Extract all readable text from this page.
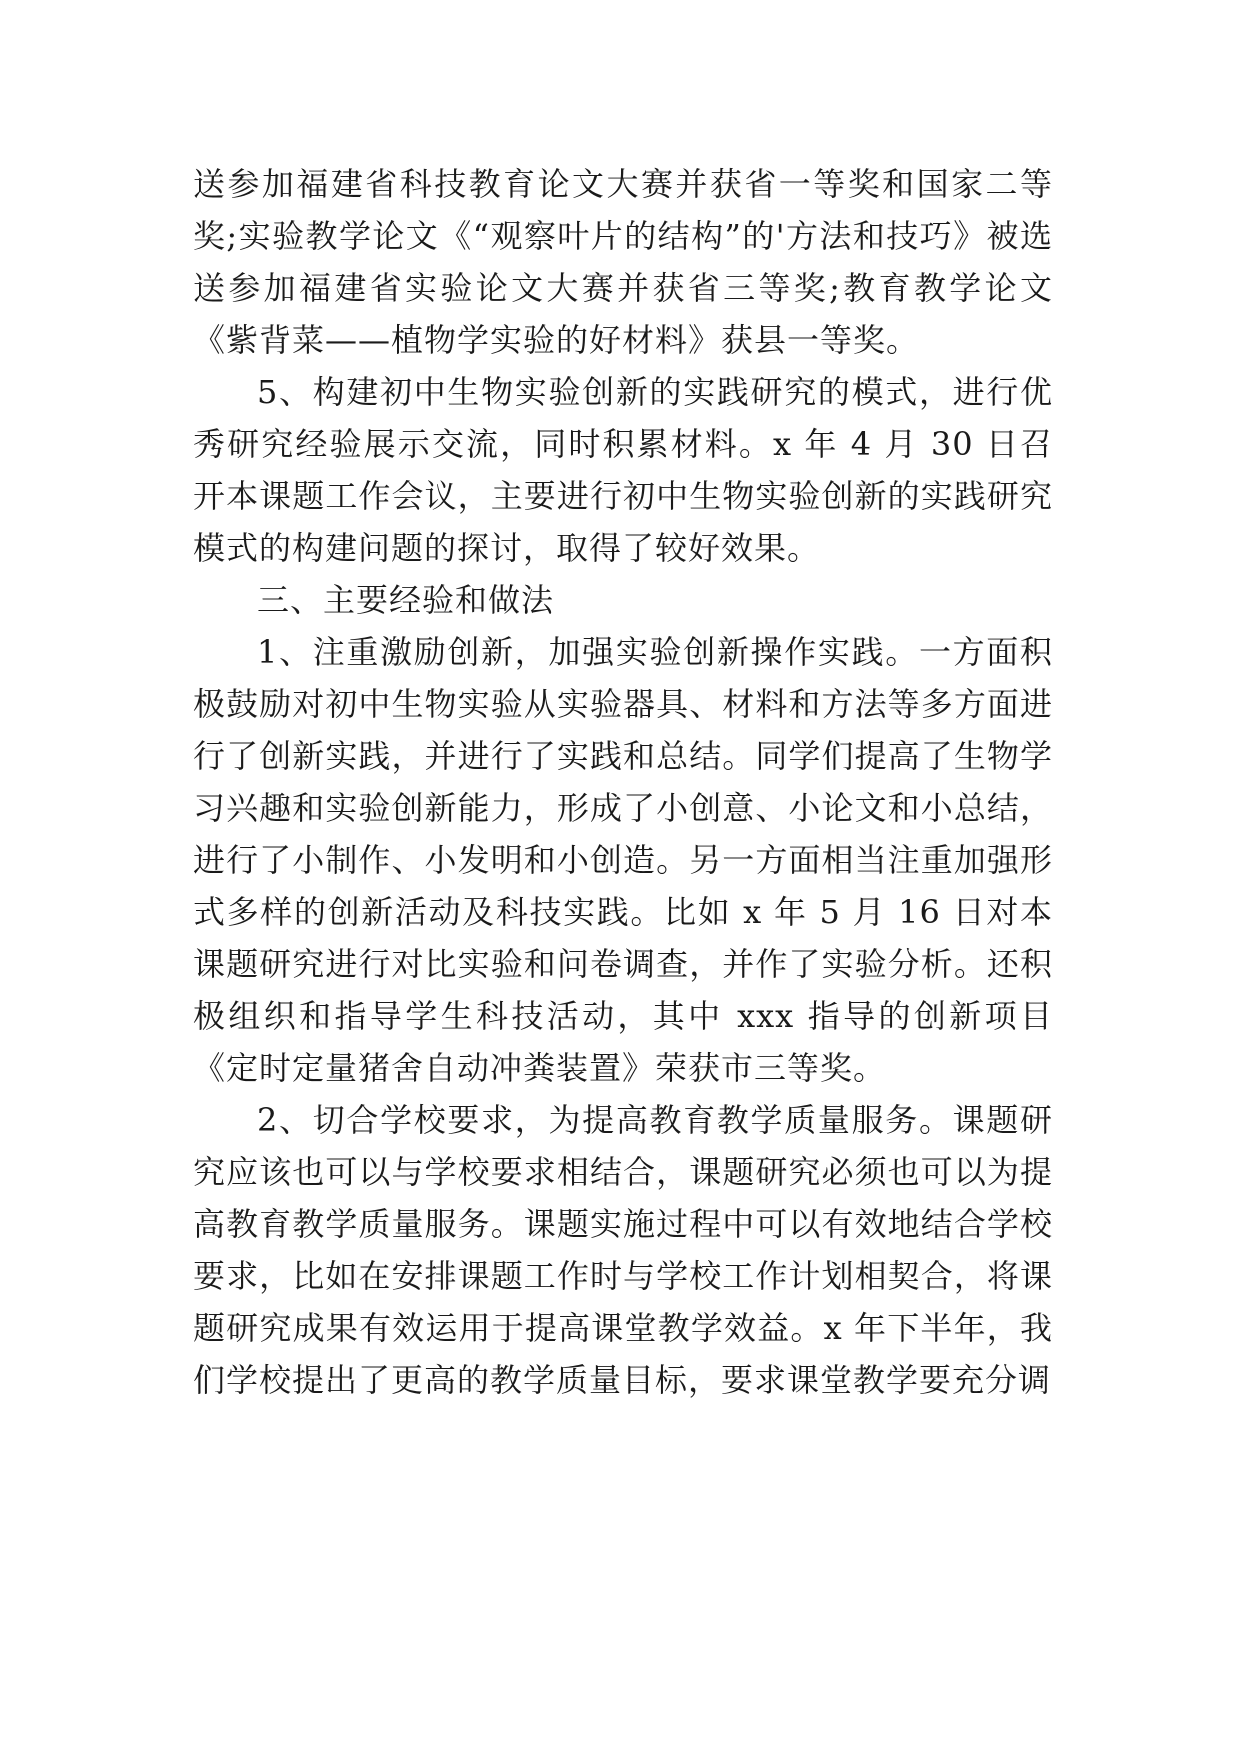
送参加福建省科技教育论文大赛并获省一等奖和国家二等奖;实验教学论文《“观察叶片的结构”的'方法和技巧》被选送参加福建省实验论文大赛并获省三等奖;教育教学论文《紫背菜——植物学实验的好材料》获县一等奖。

5、构建初中生物实验创新的实践研究的模式，进行优秀研究经验展示交流，同时积累材料。x 年 4 月 30 日召开本课题工作会议，主要进行初中生物实验创新的实践研究模式的构建问题的探讨，取得了较好效果。

三、主要经验和做法

1、注重激励创新，加强实验创新操作实践。一方面积极鼓励对初中生物实验从实验器具、材料和方法等多方面进行了创新实践，并进行了实践和总结。同学们提高了生物学习兴趣和实验创新能力，形成了小创意、小论文和小总结，进行了小制作、小发明和小创造。另一方面相当注重加强形式多样的创新活动及科技实践。比如 x 年 5 月 16 日对本课题研究进行对比实验和问卷调查，并作了实验分析。还积极组织和指导学生科技活动，其中 xxx 指导的创新项目《定时定量猪舍自动冲粪装置》荣获市三等奖。

2、切合学校要求，为提高教育教学质量服务。课题研究应该也可以与学校要求相结合，课题研究必须也可以为提高教育教学质量服务。课题实施过程中可以有效地结合学校要求，比如在安排课题工作时与学校工作计划相契合，将课题研究成果有效运用于提高课堂教学效益。x 年下半年，我们学校提出了更高的教学质量目标，要求课堂教学要充分调
